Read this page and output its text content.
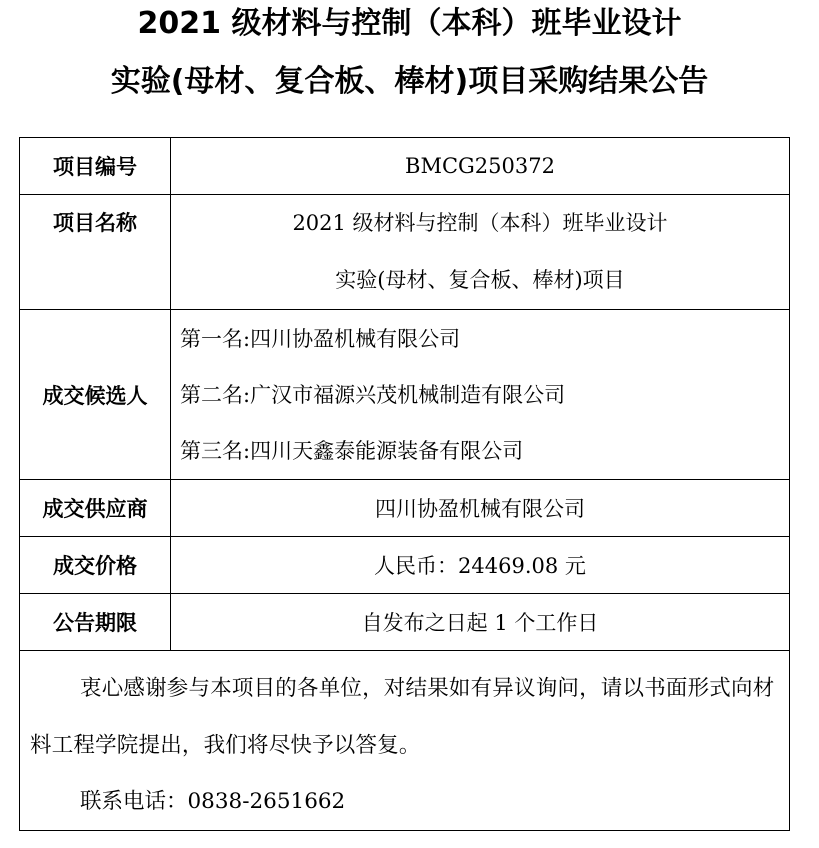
2021 级材料与控制（本科）班毕业设计
实验(母材、复合板、棒材)项目采购结果公告
项目编号	BMCG250372
项目名称	2021 级材料与控制（本科）班毕业设计
实验(母材、复合板、棒材)项目

成交候选人	第一名:四川协盈机械有限公司
第二名:广汉市福源兴茂机械制造有限公司
第三名:四川天鑫泰能源装备有限公司

成交供应商	四川协盈机械有限公司
成交价格	人民币：24469.08 元
公告期限	自发布之日起 1 个工作日

衷心感谢参与本项目的各单位，对结果如有异议询问，请以书面形式向材料工程学院提出，我们将尽快予以答复。

联系电话：0838-2651662	
